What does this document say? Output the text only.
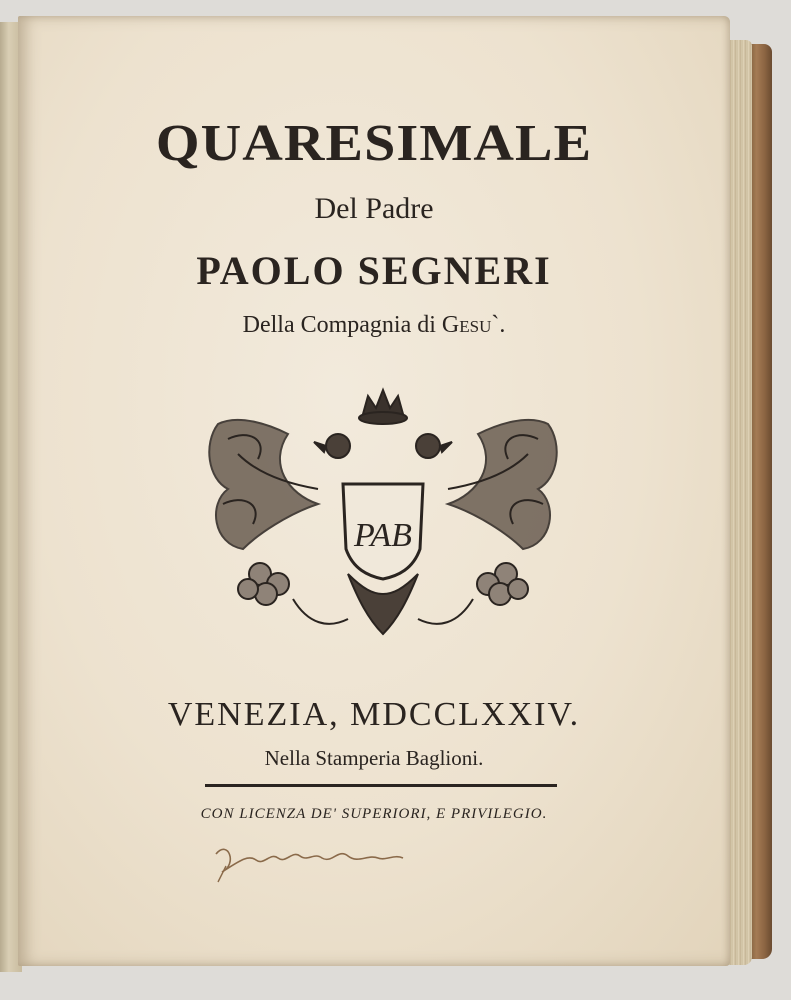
QUARESIMALE
Del Padre
PAOLO SEGNERI
Della Compagnia di Gesu`.
PAB
VENEZIA, MDCCLXXIV.
Nella Stamperia Baglioni.
CON LICENZA DE' SUPERIORI, E PRIVILEGIO.
